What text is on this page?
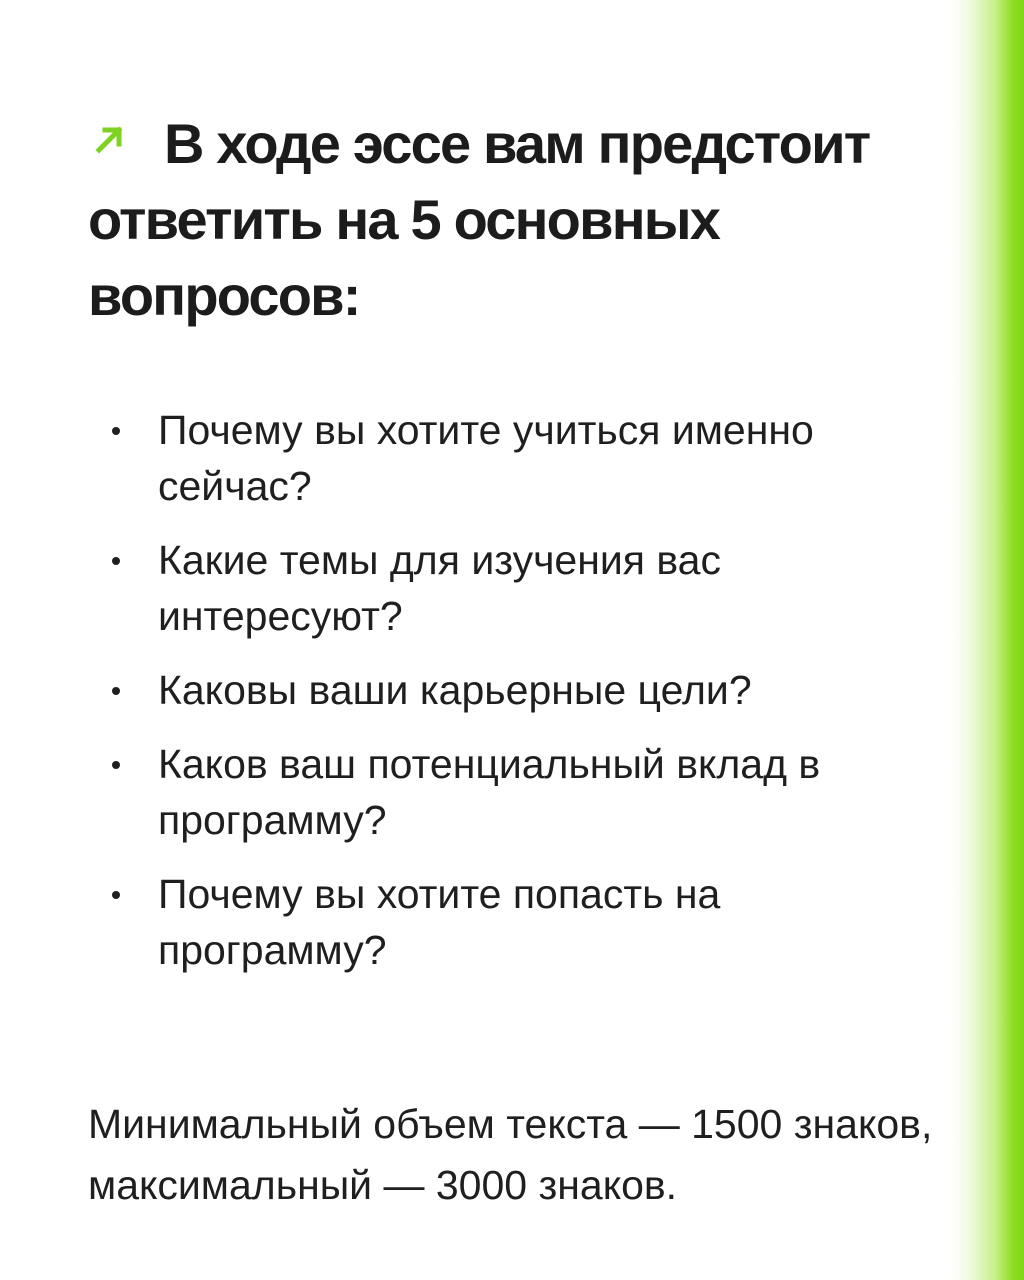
В ходе эссе вам предстоит ответить на 5 основных вопросов:
Почему вы хотите учиться именно сейчас?
Какие темы для изучения вас интересуют?
Каковы ваши карьерные цели?
Каков ваш потенциальный вклад в программу?
Почему вы хотите попасть на программу?

Минимальный объем текста — 1500 знаков, максимальный — 3000 знаков.
